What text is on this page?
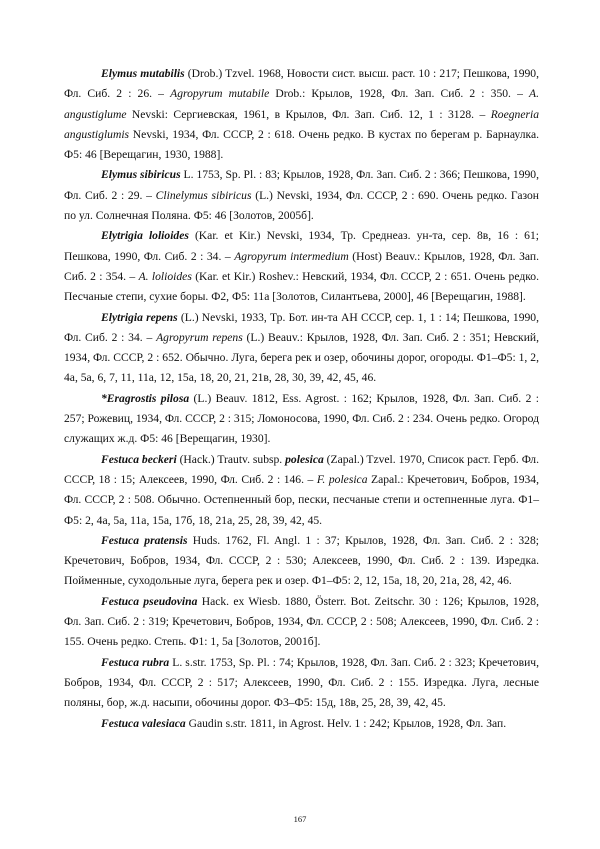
Elymus mutabilis (Drob.) Tzvel. 1968, Новости сист. высш. раст. 10 : 217; Пешкова, 1990, Фл. Сиб. 2 : 26. – Agropyrum mutabile Drob.: Крылов, 1928, Фл. Зап. Сиб. 2 : 350. – A. angustiglume Nevski: Сергиевская, 1961, в Крылов, Фл. Зап. Сиб. 12, 1 : 3128. – Roegneria angustiglumis Nevski, 1934, Фл. СССР, 2 : 618. Очень редко. В кустах по берегам р. Барнаулка. Ф5: 46 [Верещагин, 1930, 1988].

Elymus sibiricus L. 1753, Sp. Pl. : 83; Крылов, 1928, Фл. Зап. Сиб. 2 : 366; Пешкова, 1990, Фл. Сиб. 2 : 29. – Clinelymus sibiricus (L.) Nevski, 1934, Фл. СССР, 2 : 690. Очень редко. Газон по ул. Солнечная Поляна. Ф5: 46 [Золотов, 2005б].

Elytrigia lolioides (Kar. et Kir.) Nevski, 1934, Тр. Среднеаз. ун-та, сер. 8в, 16 : 61; Пешкова, 1990, Фл. Сиб. 2 : 34. – Agropyrum intermedium (Host) Beauv.: Крылов, 1928, Фл. Зап. Сиб. 2 : 354. – A. lolioides (Kar. et Kir.) Roshev.: Невский, 1934, Фл. СССР, 2 : 651. Очень редко. Песчаные степи, сухие боры. Ф2, Ф5: 11а [Золотов, Силантьева, 2000], 46 [Верещагин, 1988].

Elytrigia repens (L.) Nevski, 1933, Тр. Бот. ин-та АН СССР, сер. 1, 1 : 14; Пешкова, 1990, Фл. Сиб. 2 : 34. – Agropyrum repens (L.) Beauv.: Крылов, 1928, Фл. Зап. Сиб. 2 : 351; Невский, 1934, Фл. СССР, 2 : 652. Обычно. Луга, берега рек и озер, обочины дорог, огороды. Ф1–Ф5: 1, 2, 4а, 5а, 6, 7, 11, 11а, 12, 15а, 18, 20, 21, 21в, 28, 30, 39, 42, 45, 46.

*Eragrostis pilosa (L.) Beauv. 1812, Ess. Agrost. : 162; Крылов, 1928, Фл. Зап. Сиб. 2 : 257; Рожевиц, 1934, Фл. СССР, 2 : 315; Ломоносова, 1990, Фл. Сиб. 2 : 234. Очень редко. Огород служащих ж.д. Ф5: 46 [Верещагин, 1930].

Festuca beckeri (Hack.) Trautv. subsp. polesica (Zapal.) Tzvel. 1970, Список раст. Герб. Фл. СССР, 18 : 15; Алексеев, 1990, Фл. Сиб. 2 : 146. – F. polesica Zapal.: Кречетович, Бобров, 1934, Фл. СССР, 2 : 508. Обычно. Остепненный бор, пески, песчаные степи и остепненные луга. Ф1–Ф5: 2, 4а, 5а, 11а, 15а, 17б, 18, 21а, 25, 28, 39, 42, 45.

Festuca pratensis Huds. 1762, Fl. Angl. 1 : 37; Крылов, 1928, Фл. Зап. Сиб. 2 : 328; Кречетович, Бобров, 1934, Фл. СССР, 2 : 530; Алексеев, 1990, Фл. Сиб. 2 : 139. Изредка. Пойменные, суходольные луга, берега рек и озер. Ф1–Ф5: 2, 12, 15а, 18, 20, 21а, 28, 42, 46.

Festuca pseudovina Hack. ex Wiesb. 1880, Österr. Bot. Zeitschr. 30 : 126; Крылов, 1928, Фл. Зап. Сиб. 2 : 319; Кречетович, Бобров, 1934, Фл. СССР, 2 : 508; Алексеев, 1990, Фл. Сиб. 2 : 155. Очень редко. Степь. Ф1: 1, 5а [Золотов, 2001б].

Festuca rubra L. s.str. 1753, Sp. Pl. : 74; Крылов, 1928, Фл. Зап. Сиб. 2 : 323; Кречетович, Бобров, 1934, Фл. СССР, 2 : 517; Алексеев, 1990, Фл. Сиб. 2 : 155. Изредка. Луга, лесные поляны, бор, ж.д. насыпи, обочины дорог. Ф3–Ф5: 15д, 18в, 25, 28, 39, 42, 45.

Festuca valesiaca Gaudin s.str. 1811, in Agrost. Helv. 1 : 242; Крылов, 1928, Фл. Зап.

167
